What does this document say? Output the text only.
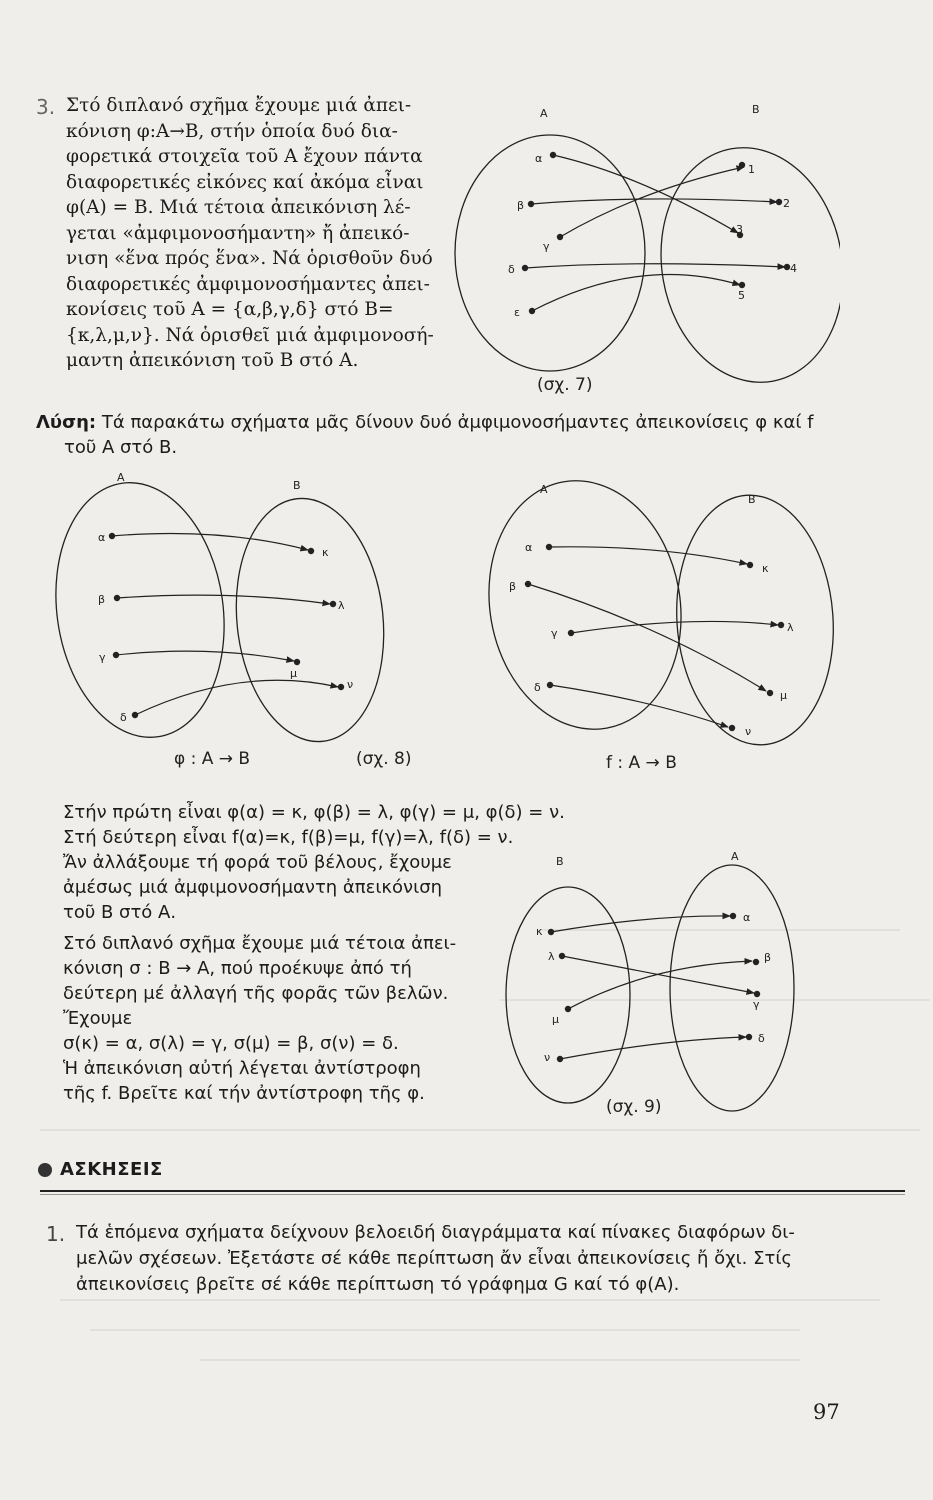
3. Στό διπλανό σχῆμα ἔχουμε μιά ἀπει-
κόνιση φ:Α→Β, στήν ὁποία δυό δια-
φορετικά στοιχεῖα τοῦ Α ἔχουν πάντα
διαφορετικές εἰκόνες καί ἀκόμα εἶναι
φ(Α) = Β. Μιά τέτοια ἀπεικόνιση λέ-
γεται «ἀμφιμονοσήμαντη» ἤ ἀπεικό-
νιση «ἕνα πρός ἕνα». Νά ὁρισθοῦν δυό
διαφορετικές ἀμφιμονοσήμαντες ἀπει-
κονίσεις τοῦ Α = {α,β,γ,δ} στό Β=
{κ,λ,μ,ν}. Νά ὁρισθεῖ μιά ἀμφιμονοσή-
μαντη ἀπεικόνιση τοῦ Β στό Α.
A	B
α
β
γ
δ
ε
1
2
3
4
5
(σχ. 7)
Λύση: Τά παρακάτω σχήματα μᾶς δίνουν δυό ἀμφιμονοσήμαντες ἀπεικονίσεις φ καί f
τοῦ Α στό Β.
A
B
α
β
γ
δ
κ
λ
μ
ν
φ : A → B	(σχ. 8)
A
B
α
β
γ
δ
κ
λ
μ
ν
f : A → B
Στήν πρώτη εἶναι φ(α) = κ, φ(β) = λ, φ(γ) = μ, φ(δ) = ν.
Στή δεύτερη εἶναι f(α)=κ, f(β)=μ, f(γ)=λ, f(δ) = ν.
Ἄν ἀλλάξουμε τή φορά τοῦ βέλους, ἔχουμε
ἀμέσως μιά ἀμφιμονοσήμαντη ἀπεικόνιση
τοῦ Β στό Α.
Στό διπλανό σχῆμα ἔχουμε μιά τέτοια ἀπει-
κόνιση σ : Β → Α, πού προέκυψε ἀπό τή
δεύτερη μέ ἀλλαγή τῆς φορᾶς τῶν βελῶν.
Ἔχουμε
σ(κ) = α, σ(λ) = γ, σ(μ) = β, σ(ν) = δ.
Ἡ ἀπεικόνιση αὐτή λέγεται ἀντίστροφη
τῆς f. Βρεῖτε καί τήν ἀντίστροφη τῆς φ.
B	A
κ
λ
μ
ν
α
β
γ
δ
(σχ. 9)
ΑΣΚΗΣΕΙΣ
1. Τά ἑπόμενα σχήματα δείχνουν βελοειδή διαγράμματα καί πίνακες διαφόρων δι-
μελῶν σχέσεων. Ἐξετάστε σέ κάθε περίπτωση ἄν εἶναι ἀπεικονίσεις ἤ ὄχι. Στίς
ἀπεικονίσεις βρεῖτε σέ κάθε περίπτωση τό γράφημα G καί τό φ(Α).
97
